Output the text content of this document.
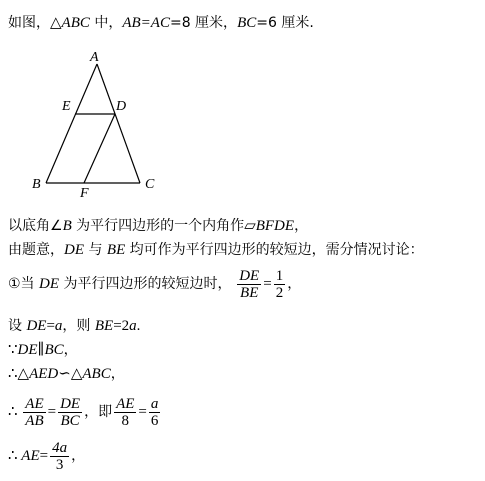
如图，△ABC 中，AB=AC=8 厘米，BC=6 厘米.
A
E	D
B
F
C
以底角∠B 为平行四边形的一个内角作▱BFDE，
由题意，DE 与 BE 均可作为平行四边形的较短边，需分情况讨论：
①当 DE 为平行四边形的较短边时， $\frac{DE}{BE} = \frac{1}{2}$ ，
设 DE=a，则 BE=2a.
∵DE∥BC，
∴△AED∽△ABC，
∴ $\frac{AE}{AB} = \frac{DE}{BC}$ ，即 $\frac{AE}{8} = \frac{a}{6}$
∴ $AE= \frac{4a}{3}$ ，
